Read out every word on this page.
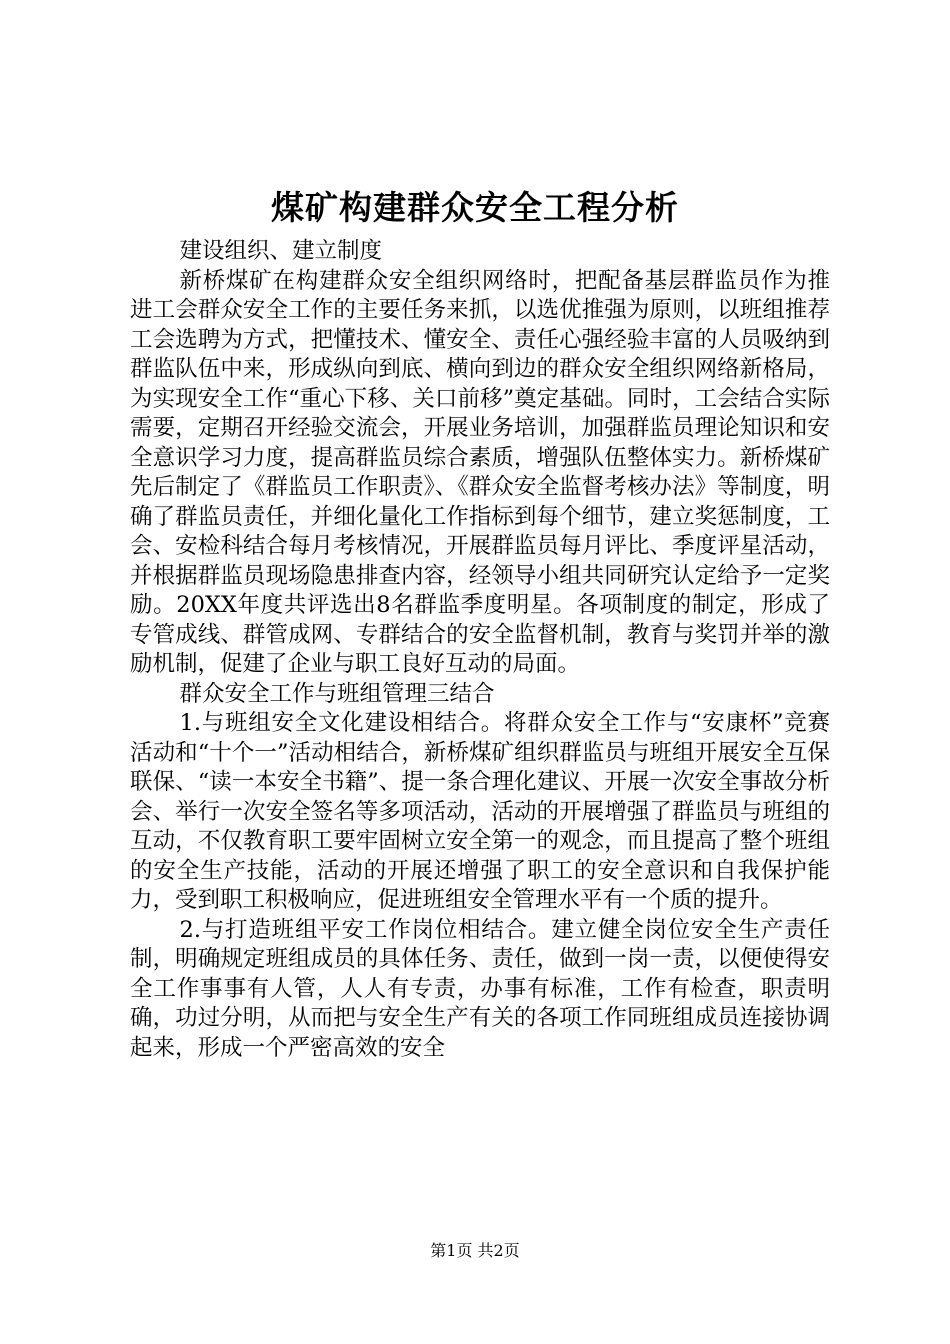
煤矿构建群众安全工程分析

建设组织、建立制度

新桥煤矿在构建群众安全组织网络时，把配备基层群监员作为推进工会群众安全工作的主要任务来抓，以选优推强为原则，以班组推荐工会选聘为方式，把懂技术、懂安全、责任心强经验丰富的人员吸纳到群监队伍中来，形成纵向到底、横向到边的群众安全组织网络新格局，为实现安全工作“重心下移、关口前移”奠定基础。同时，工会结合实际需要，定期召开经验交流会，开展业务培训，加强群监员理论知识和安全意识学习力度，提高群监员综合素质，增强队伍整体实力。新桥煤矿先后制定了《群监员工作职责》、《群众安全监督考核办法》等制度，明确了群监员责任，并细化量化工作指标到每个细节，建立奖惩制度，工会、安检科结合每月考核情况，开展群监员每月评比、季度评星活动，并根据群监员现场隐患排查内容，经领导小组共同研究认定给予一定奖励。20XX年度共评选出8名群监季度明星。各项制度的制定，形成了专管成线、群管成网、专群结合的安全监督机制，教育与奖罚并举的激励机制，促建了企业与职工良好互动的局面。

群众安全工作与班组管理三结合

1.与班组安全文化建设相结合。将群众安全工作与“安康杯”竞赛活动和“十个一”活动相结合，新桥煤矿组织群监员与班组开展安全互保联保、“读一本安全书籍”、提一条合理化建议、开展一次安全事故分析会、举行一次安全签名等多项活动，活动的开展增强了群监员与班组的互动，不仅教育职工要牢固树立安全第一的观念，而且提高了整个班组的安全生产技能，活动的开展还增强了职工的安全意识和自我保护能力，受到职工积极响应，促进班组安全管理水平有一个质的提升。

2.与打造班组平安工作岗位相结合。建立健全岗位安全生产责任制，明确规定班组成员的具体任务、责任，做到一岗一责，以便使得安全工作事事有人管，人人有专责，办事有标准，工作有检查，职责明确，功过分明，从而把与安全生产有关的各项工作同班组成员连接协调起来，形成一个严密高效的安全

第1页 共2页
